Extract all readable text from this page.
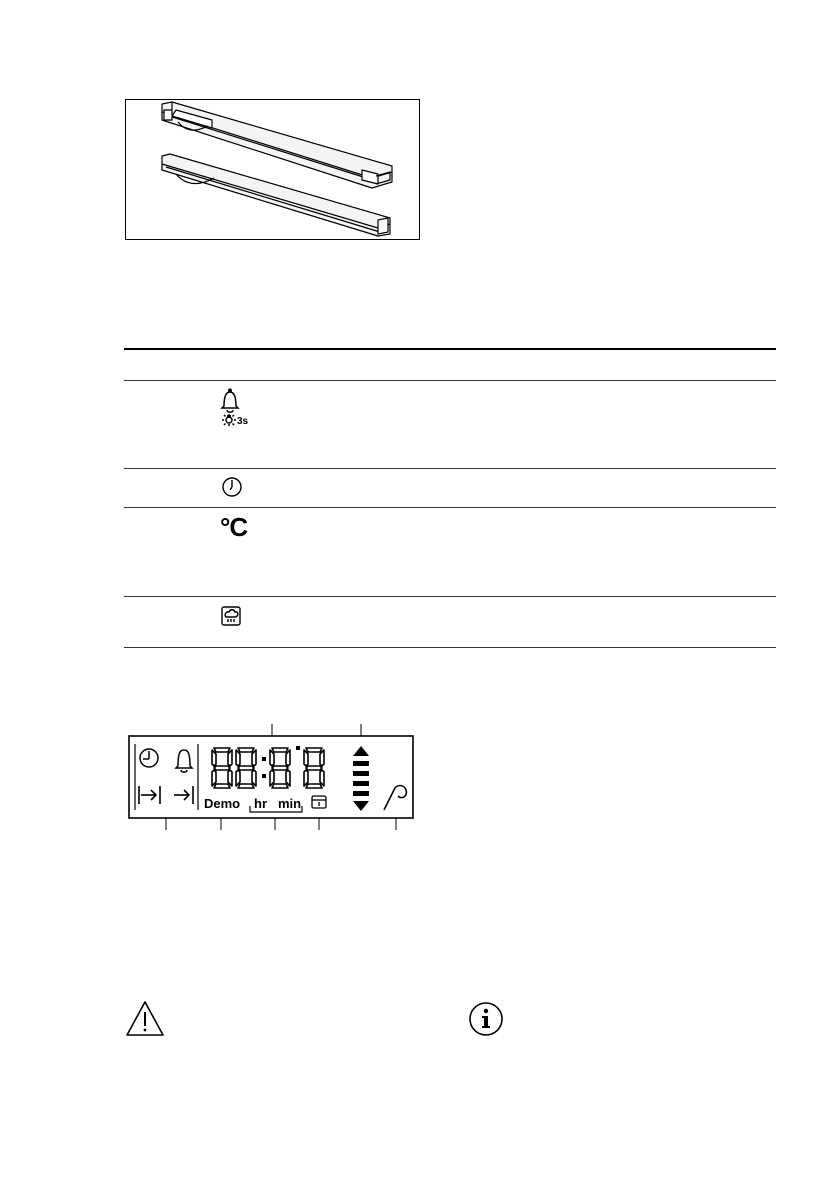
3s
°C
Demo hr min
